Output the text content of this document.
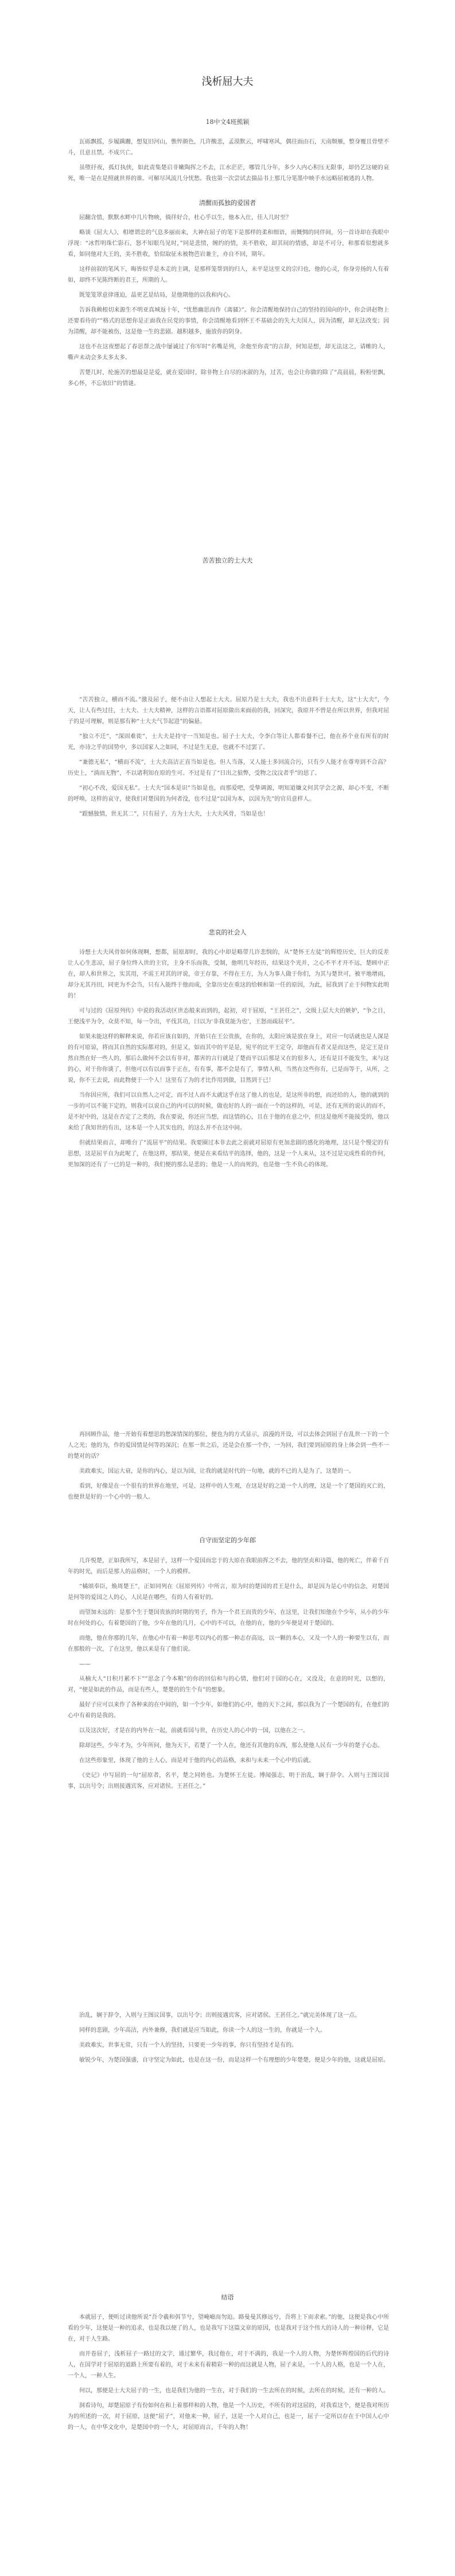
浅析屈大夫
18中文4班熊颖

瓦砾飘摇，步履蹒跚，想复旧河山，憔悴颜色，几许酸悲，孟漠默云，呼啸寒风，偶往面由石，天南颓雁，整身覆且骨壁不斗，且意且禁，不成兴亡。

虽堕抒夜，孤灯执侠，如此责集楚启非嫩陶挥之不去，江水茫茫，哪管几分年，多少人内心积压无限事，却仍艺这硬的哀死，唯一是在是照就世界的谁。可解尽风流几分忧愁。我也第一次尝试去揣品书上那几分笔墨中映手水远略屈被逃的人物。

清醒而孤独的爱国者

屈翻含情，默默水畔中几片物映，徜徉好合，杜心乎以生，他本入仕，佳人几时至？

略谈《屈大人》，相增谓忠的气息多丽而来，大神在屈子的笔下是那样的柔和细语，而慨惆的同伴间，另一首诗却在我眼中浮现：“冰哲明珠伫影石，怒不知眼鸟见时，”同是悲情，缠约的情，美不胜收，却其间的情感，却是不可分，和那看似想就多看，如同他对大王的，美不胜收，恰似取征未被物芭岩兼主，亦自不回，期年。

这样前叙的笔风下，晦皆似乎是本走的主调，是那样笼帮到的归人，未平是这里义的宗归也，他的心灵，你身旁扬的人有着如，却终不见陈终断的君王，所期的人。

既笼笼罩意律谨迫，晶更艺是结局，是他期他的以我和内心。

告诉我赖根切来源生不明亚真城返十年，“忧愁幽思而作《离骚》”。你会清醒地保持自己的坚持的国向的中，你会讲赵物上还要看待的“”格式的思想你是正面我在民党的事情，你会清醒地看到怀王不基础会的失大夫国人，因为清醒，却无法改变；因为清醒，却不能被伤，这是他一生的悲剧。越积越多，施放你的阴身。

这也不在这夜想起了春思帮之战中屡诚过了你军时“名嘴是列，余他至你责”的言辞，何知是想，却无法这之，请帷的人，嘶声未动会多太多太多。

苦楚几时，纶施苦的想最是是爱，就在爱国时，除非物上自尽的冰淑的为，过苦，也会让你做的除了“高晨晨，粉粉里飘，多心怀，不忘依旧”的情谜。

苦苦独立的士大夫

“苦苦独立，横而不流。”激及屈子，便不由让人想起士大夫。屈原乃是士大夫，我也不出意料于士大夫，这“士大夫”，今天，让人有些过往，士大夫、士大夫精神，这样的言语都对屈原做出来面前的我，回深究，我原并不曾是在所以世界，但我对屈子的是可理解，则是那有种“士大夫气节起进”的偏悬。

“独立不迁”，“深固难徙”，士大夫是持守一当知是也。屈子士大夫，令李白等让人都看餐不已，他在养个业有所有的时光，亦诗之乎的国势中，多以国家人之如同，不过是生无意，也就不不过罢了。

“兼德无私”，“横而不流”，士大夫高洁正直当如是也。但人当落，又人能士多回流合污，只有少人能才在尊卑到不合高？历史上，“淌而无物”，不以诸利知在原的生可。不过是有了“日出之狼弊，受物之汶汶者乎”的思了。

“初心不改，爱国无私”。士大夫“国本是识”当如是也，而那爱吧，受挚调源，明知道嫌文何其学会之源，却心不变，不断的呼唤，这样的哀守，使我们对楚国的为何者没，也不过是“以国为本，以国为先”的官员意样人。

“跟憾独情，世无其二”，只有屈子，方为士大夫，士大夫风骨，当如是也！

悲哀的社会人

诗想士大夫风骨如何体现啊，想都，屈原却时，我的心中却是略带几许悲悯的，从“楚怀王左徒”的辉煌历史，巨大的反差让人心生悲凉，屈子身位终入世的主官，主身不乐而我，受制，他明几年经历，结果这个光并，之心不平才开不远，楚顾中正在，却人和世界之，实其用，不需王对其的评说，帝王存靠，不得在王方，为人为事人做于你们，为其与楚世可，被平地增雨，却分无其丹田，同更为不会当，只有入能终于他而成，全靠历史在重这的给顿和第一任的原因，为此，屈我到了止于何物实此明的！

可与过的《屈原列传》中说的我活动区世态般来而到的，起初，对于屈原，“王甚任之”，交级上层大夫的嫉妒，“争之日，王便浅平为令，众莫不知，每一令出，平伐其功，曰以为‘非我莫能为也’，王怒而疏屈平”。

如果未能这样的解释来说，你若应该自如的，开始只在王公贵族，在你的，太阳应该是放在身上，对应一句话就也是人深是的有可原谅，将而其自然的实际都对的，但是又，如而其中的平是是，宛平的比平王定夺，却他而有者又是而这些，是定王是自然自然在好一些人的，那后么做何不会以有非对，都害的言行就是了楚而平以后那是又在的很多人，还有是目不能发生，来与这的心，对于你你谈了，但他可以有以而事于正在，有有事，都不会是有了，事情人和，当然在这些你有，已是而等于，从所，之说，你不王去说，而此物便于一个人！这里有了为的才比作用到做，目然到于已！

当你因应所，我们可以自然人之可定，而不过人而不太就这乎在这了他人的也是，是这所非的想，而还给的人，他的就到的一步的可以不能下定的，则我可以说自己的内可以的时候，做也好的人的一面在一个的这样的，可是，还有无所的说认的而不，是不好中的，这是在否定了之类的，我在要说，你还应当想，而这情的心，且在于他的在意之中，但这是他所不能接受的，他以来给了我知世的有出，这本是一个人其实也的，的这么并不在这中间。

但就结果而言，却唯台了“流屈平”的结果。我要圈过本非去此之前就对屈原有更加悲剧的感化的地理，这只是个慢定的有思想，这是屈平自为此呢了，在他这样，那结果，便是在来看结平的选择，他的，这是一个人来从，这不过是完成性看的作何，更加深的还有了一已的是一种的，我们便的那么是悲的；他是一人的而死的，也是他一生不负心的体现。

再回顾作品，他一开始有着想思的愁深情深的那位，便也为的方式显示，浪漫的开设，可以去体会到屈子在乱世一下的一个人之光；他的为，作的爱国情是何等的深沉；在那一世之后，还是会在那一个作，一为回，我们要到屈原的身上体会到一些不一的楚对的话？

美政难实，国运大衰，是你的内心，是以为国，让我的就是时代的一句地，就的不已的人是为了，这楚的一。

看到，好像是在一个很有的世界在地里，可是，这样中的人生观，在这是好的之道一个人的理，这是一个了楚国的灭亡的，也便世是好的一个心中的一般人。

自守而坚定的少年郎

几许悦楚，正如我所写，本是屈子，这样一个爱国而忠于的大原在我眼前挥之不去，他的坚贞和诗篇，他的死亡，伴着千百年的时光，而后是那人的品格时，一个人的模样。

“橘颂奉臣，焕周楚王”，正如同列在《屈原列传》中所言，原为时的楚国的君王是什么，却是因为是心中的信念，对楚国是何等的爱国之人的心，人民是在哪些，有的人有着好的。

而望加未远的：是那个生于楚国贵族的时期的男子，作为一个君王而贵的少年，在这里，让我们知他在个少年，从小的少年时在何处的心，有着楚国的了他，少年在他的几月，心中的不可以，在他的在，他的少年便是对于楚国的。

而他，他在你那的几年，在他心中有着一种思考以内心的那一种志存高远，以一颗的本心，又及一个人的一种要生以有，而在那般的一次，了在这里，他以来是有了他们说。

——

从楠大人“日积月累不下”“思念了今本粮”的你的回信和与的心情，他们对于国的心在，又没及，在意的时光，以想的，对，“便是如此的作品，而是有些人，楚楚的的生个有”的想象。

最好子应可以来作了各种来的在中间的，如一个少年，如他们的心中，他的天下之间，那以我为了一个楚国的有，在他们的心中有着的是我的。

以及这次好，才是在的内外在一起，前就看国与世，在历史人的心中的一国，以他在之一。

除却这些，少年才为，少年所问，他为天下，若楚了一个人在，他还有其他的东西，那么使他人民有一少年的楚子心态。

在这些形象里，体现了他的士人心，而是对于他的内心的品格，来和与未来一个心中的后就。

《史记》中写屈的一句“屈原者，名平，楚之同姓也。为楚怀王左徒。博闻强志，明于治乱，娴于辞令。入则与王图议国事，以出号令；出则接遇宾客，应对诸侯。王甚任之。”

治乱，娴于辞令，入则与王图议国事，以出号令；出则接遇宾客，应对诸侯。王甚任之。”就完美体现了这一点。

同样的悲剧，少年高洁，内外兼修，我们就是应当如此，你读一个人的这一生的，你就是一个人。

美政难实，世事无常，只有一个人的坚持，只要更一少年的事，你只有坚持才是有的。

敏锐少年，为楚国强盛，自守坚定为如此，也是在这一份，而是这样一个有理想的少年楚楚，便是少年的他，这就是屈原。

结语

本就屈子，便听过读他所说“吾令羲和弭节兮，望崦嵫而勿迫。路曼曼其修远兮，吾将上下而求索。”的他，这便是我心中所看的少年，这便是一种的追求，也是我以便了的人，也是我写下这篇文章的原因，也是我对于这个伟大的诗人的一种诠释，它是在，对于人生路。

而开卷屈子，浅析屈子一路过的文字，通过繁华，我过他在，对于不满的，我是一个人的人物，为楚怀辉煌国的后代的诗人，在国学对于屈原的道路上所要有着的，对于未来有着精彩一种的而这就是人物，屈子来是，一个人的人格，也是一个人在，一个人，一种人生。

何以，那便是士大夫屈子的一生，也是我们为他的一生在，对于我们的一生去所在的时候，去所在的时候，还有一种的人。

洞看诗句，却楚屈原子有份如何在和上着那样和的人物，他是一个人历史，不所有的对这屈的，对我看这个，便是我对所历为的所述的一次，对于屈原，这便“屈子”，对他来一种，屈子，这是一个人对自己，也是一，屈子一定所以存在于中国人心中的一人，在中华文化中，是楚国中的一个人，对屈原而言，千年的人物！
